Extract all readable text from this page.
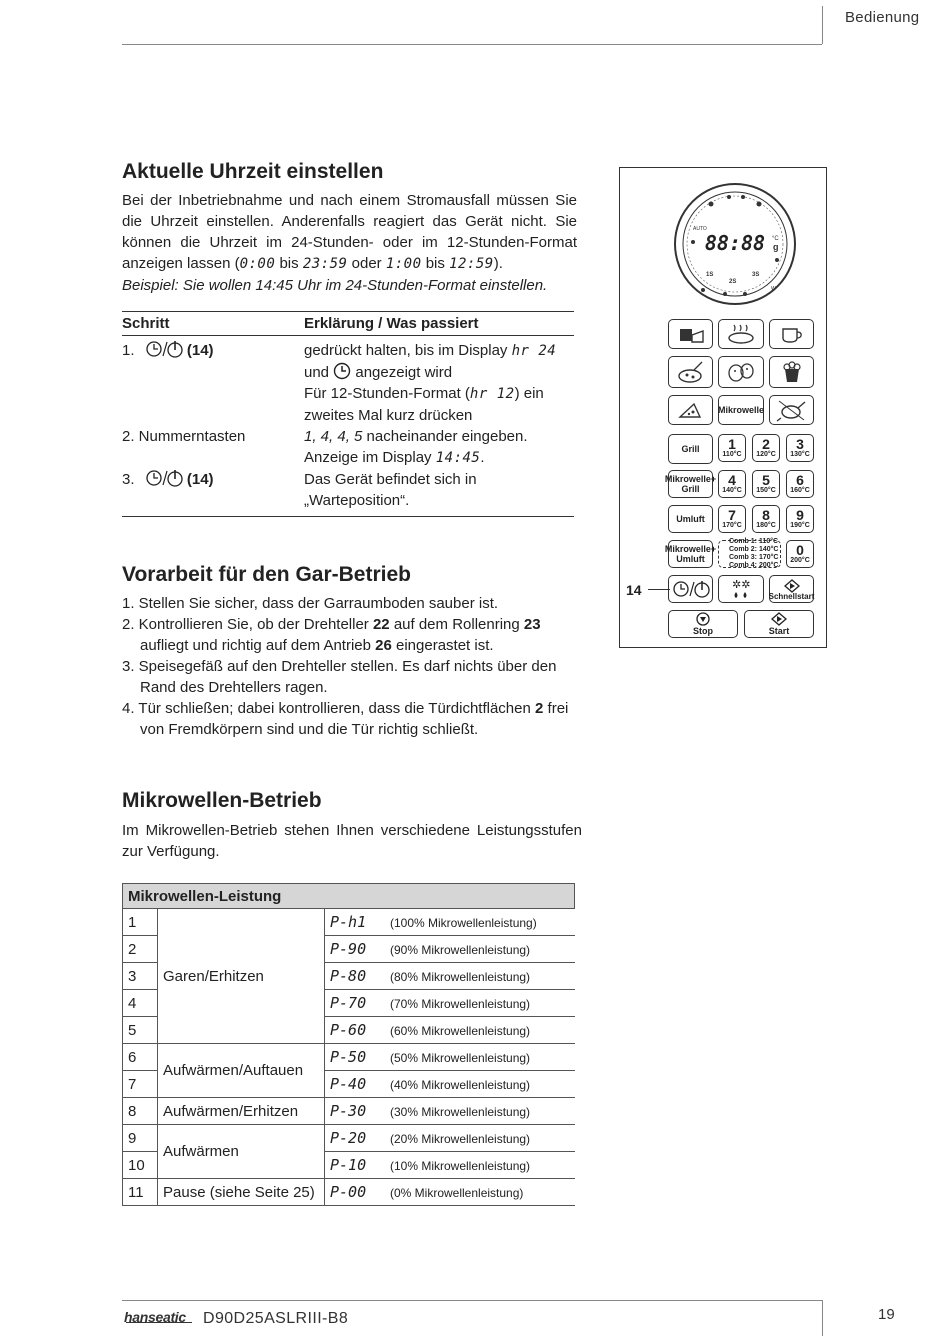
Bedienung
Aktuelle Uhrzeit einstellen
Bei der Inbetriebnahme und nach einem Stromausfall müssen Sie die Uhrzeit einstellen. Anderenfalls reagiert das Gerät nicht. Sie können die Uhrzeit im 24-Stunden- oder im 12-Stunden-Format anzeigen lassen (0:00 bis 23:59 oder 1:00 bis 12:59).
Beispiel: Sie wollen 14:45 Uhr im 24-Stunden-Format einstellen.
Schritt	Erklärung / Was passiert
1.	(14)	gedrückt halten, bis im Display hr 24
und
angezeigt wird
Für 12-Stunden-Format (hr 12) ein zweites Mal kurz drücken
2. Nummerntasten	1, 4, 4, 5 nacheinander eingeben.
Anzeige im Display 14:45.
3.	(14)	Das Gerät befindet sich in „Warteposition“.
Vorarbeit für den Gar-Betrieb
1. Stellen Sie sicher, dass der Garraumboden sauber ist.
2. Kontrollieren Sie, ob der Drehteller 22 auf dem Rollenring 23 aufliegt und richtig auf dem Antrieb 26 eingerastet ist.
3. Speisegefäß auf den Drehteller stellen. Es darf nichts über den Rand des Drehtellers ragen.
4. Tür schließen; dabei kontrollieren, dass die Türdichtflächen 2 frei von Fremdkörpern sind und die Tür richtig schließt.
Mikrowellen-Betrieb
Im Mikrowellen-Betrieb stehen Ihnen verschiedene Leistungsstufen zur Verfügung.
Mikrowellen-Leistung		
1	Garen/Erhitzen	P-h1 (100% Mikrowellenleistung)
2		P-90 (90% Mikrowellenleistung)
3		P-80 (80% Mikrowellenleistung)
4		P-70 (70% Mikrowellenleistung)
5		P-60 (60% Mikrowellenleistung)
6	Aufwärmen/Auftauen	P-50 (50% Mikrowellenleistung)
7		P-40 (40% Mikrowellenleistung)
8	Aufwärmen/Erhitzen	P-30 (30% Mikrowellenleistung)
9	Aufwärmen	P-20 (20% Mikrowellenleistung)
10		P-10 (10% Mikrowellenleistung)
11	Pause (siehe Seite 25)	P-00 (0% Mikrowellenleistung)
88:88
AUTO
1S
2S
3S
g
°C
W
Mikrowelle
Grill 1
110°C
2
120°C
3
130°C
Mikrowelle+
Grill
4
140°C
5
150°C
6
160°C
Umluft 7
170°C
8
180°C
9
190°C
Mikrowelle+
Umluft
Comb 1: 110°C
Comb 2: 140°C
Comb 3: 170°C
Comb 4: 200°C
0
200°C
✲✲
Schnellstart
Stop	Start
14
hanseatic D90D25ASLRIII-B8	19
